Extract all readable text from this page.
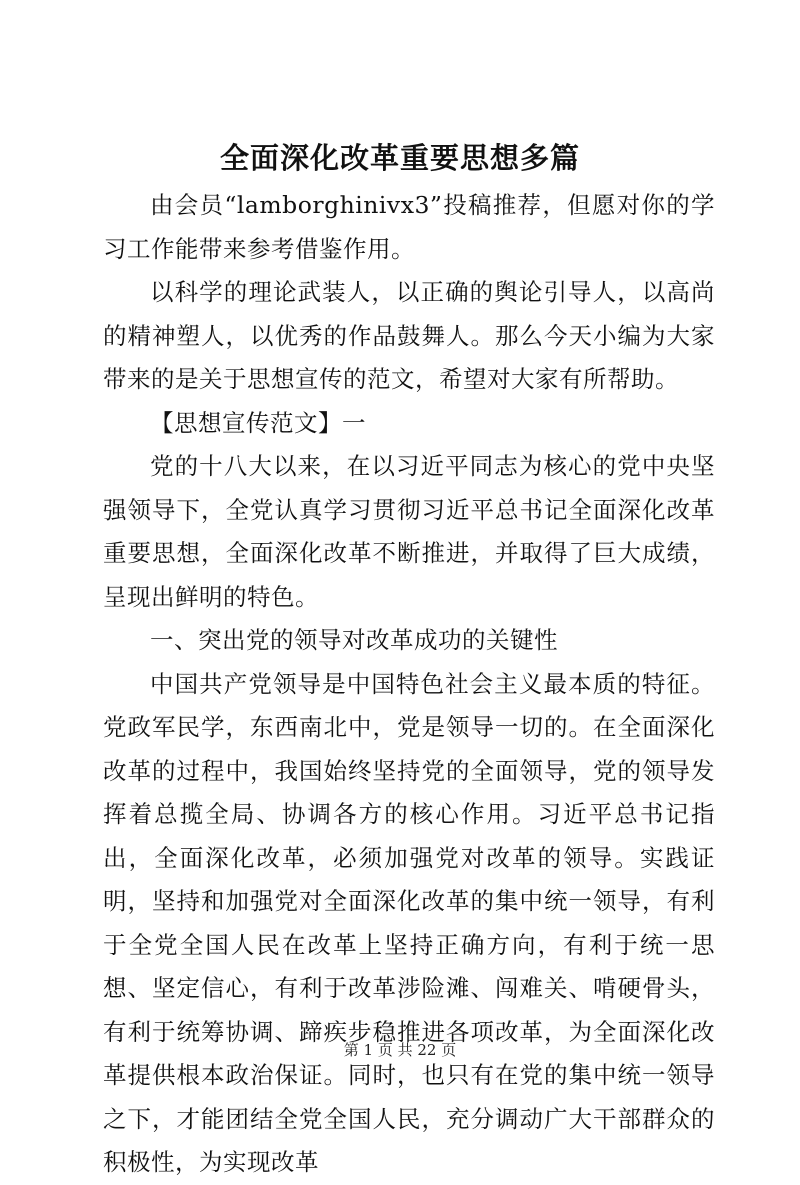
全面深化改革重要思想多篇

由会员“lamborghinivx3”投稿推荐，但愿对你的学习工作能带来参考借鉴作用。

以科学的理论武装人，以正确的舆论引导人，以高尚的精神塑人，以优秀的作品鼓舞人。那么今天小编为大家带来的是关于思想宣传的范文，希望对大家有所帮助。

【思想宣传范文】一

党的十八大以来，在以习近平同志为核心的党中央坚强领导下，全党认真学习贯彻习近平总书记全面深化改革重要思想，全面深化改革不断推进，并取得了巨大成绩，呈现出鲜明的特色。

一、突出党的领导对改革成功的关键性

中国共产党领导是中国特色社会主义最本质的特征。党政军民学，东西南北中，党是领导一切的。在全面深化改革的过程中，我国始终坚持党的全面领导，党的领导发挥着总揽全局、协调各方的核心作用。习近平总书记指出，全面深化改革，必须加强党对改革的领导。实践证明，坚持和加强党对全面深化改革的集中统一领导，有利于全党全国人民在改革上坚持正确方向，有利于统一思想、坚定信心，有利于改革涉险滩、闯难关、啃硬骨头，有利于统筹协调、蹄疾步稳推进各项改革，为全面深化改革提供根本政治保证。同时，也只有在党的集中统一领导之下，才能团结全党全国人民，充分调动广大干部群众的积极性，为实现改革

第 1 页 共 22 页
